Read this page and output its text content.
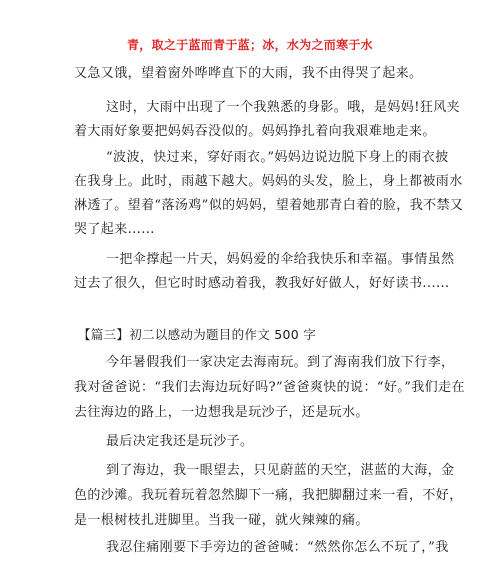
青，取之于蓝而青于蓝；冰，水为之而寒于水
又急又饿，望着窗外哗哗直下的大雨，我不由得哭了起来。
这时，大雨中出现了一个我熟悉的身影。哦，是妈妈!狂风夹
着大雨好象要把妈妈吞没似的。妈妈挣扎着向我艰难地走来。
“波波，快过来，穿好雨衣。”妈妈边说边脱下身上的雨衣披
在我身上。此时，雨越下越大。妈妈的头发，脸上，身上都被雨水
淋透了。望着“落汤鸡”似的妈妈，望着她那青白着的脸，我不禁又
哭了起来......
一把伞撑起一片天，妈妈爱的伞给我快乐和幸福。事情虽然
过去了很久，但它时时感动着我，教我好好做人，好好读书......
【篇三】初二以感动为题目的作文 500 字
今年暑假我们一家决定去海南玩。到了海南我们放下行李，
我对爸爸说：“我们去海边玩好吗?”爸爸爽快的说：“好。”我们走在
去往海边的路上，一边想我是玩沙子，还是玩水。
最后决定我还是玩沙子。
到了海边，我一眼望去，只见蔚蓝的天空，湛蓝的大海，金
色的沙滩。我玩着玩着忽然脚下一痛，我把脚翻过来一看，不好，
是一根树枝扎进脚里。当我一碰，就火辣辣的痛。
我忍住痛刚要下手旁边的爸爸喊：“然然你怎么不玩了，”我
